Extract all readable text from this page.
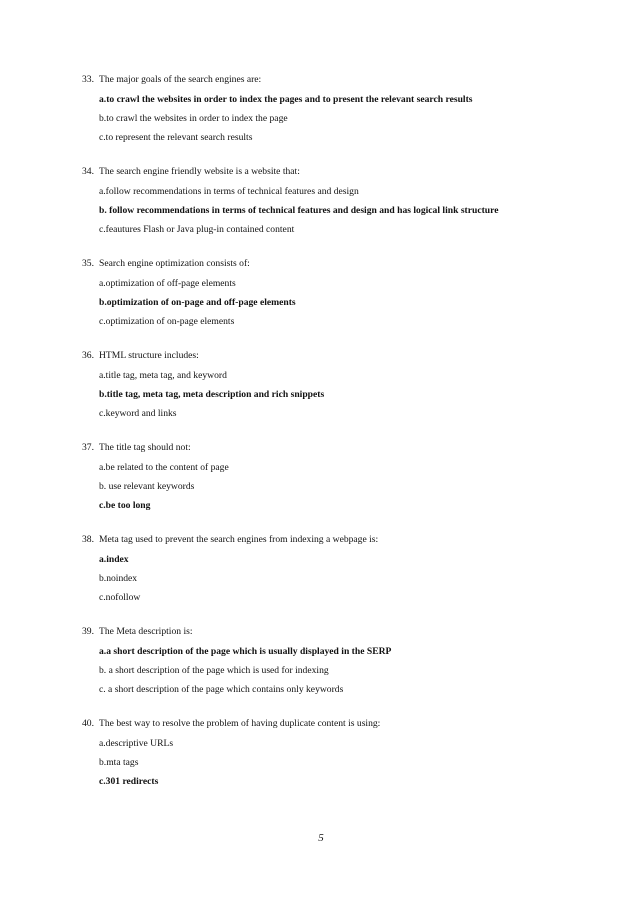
33. The major goals of the search engines are:
a.to crawl the websites in order to index the pages and to present the relevant search results
b.to crawl the websites in order to index the page
c.to represent the relevant search results
34. The search engine friendly website is a website that:
a.follow recommendations in terms of technical features and design
b. follow recommendations in terms of technical features and design and has logical link structure
c.feautures Flash or Java plug-in contained content
35. Search engine optimization consists of:
a.optimization of off-page elements
b.optimization of on-page and off-page elements
c.optimization of on-page elements
36. HTML structure includes:
a.title tag, meta tag, and keyword
b.title tag, meta tag, meta description and rich snippets
c.keyword and links
37. The title tag should not:
a.be related to the content of page
b. use relevant keywords
c.be too long
38. Meta tag used to prevent the search engines from indexing a webpage is:
a.index
b.noindex
c.nofollow
39. The Meta description is:
a.a short description of the page which is usually displayed in the SERP
b. a short description of the page which is used for indexing
c. a short description of the page which contains only keywords
40. The best way to resolve the problem of having duplicate content is using:
a.descriptive URLs
b.mta tags
c.301 redirects
5
